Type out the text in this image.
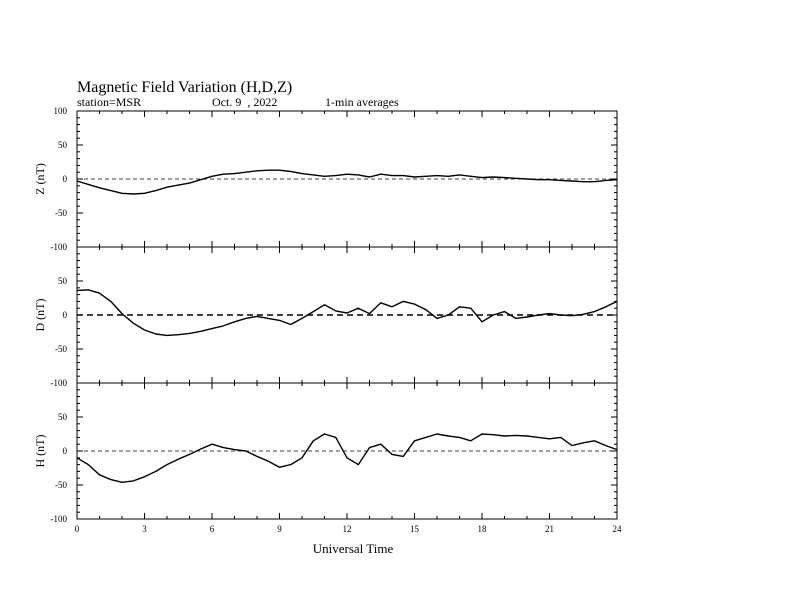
Magnetic Field Variation (H,D,Z)
station=MSR	Oct. 9  , 2022	1-min averages
Universal Time
100
50
0
-50
-100
Z (nT)
50
0
-50
-100
D (nT)
50
0
-50
-100
H (nT)
0	3	6	9	12	15	18	21	24
